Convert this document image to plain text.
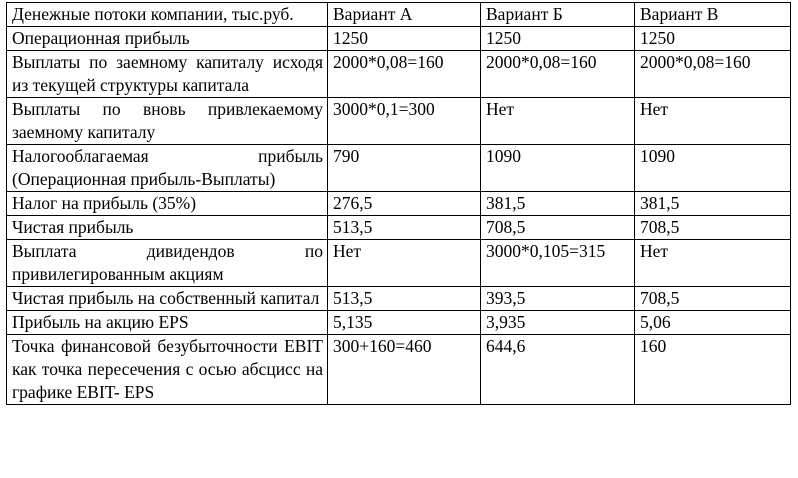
Денежные потоки компании, тыс.руб.	Вариант А	Вариант Б	Вариант В
Операционная прибыль	1250	1250	1250
Выплаты по заемному капиталу исходя из текущей структуры капитала	2000*0,08=160	2000*0,08=160	2000*0,08=160
Выплаты по вновь привлекаемому заемному капиталу	3000*0,1=300	Нет	Нет
Налогооблагаемая прибыль (Операционная прибыль-Выплаты)	790	1090	1090
Налог на прибыль (35%)	276,5	381,5	381,5
Чистая прибыль	513,5	708,5	708,5
Выплата дивидендов по привилегированным акциям	Нет	3000*0,105=315	Нет
Чистая прибыль на собственный капитал	513,5	393,5	708,5
Прибыль на акцию EPS	5,135	3,935	5,06
Точка финансовой безубыточности EBIT как точка пересечения с осью абсцисс на графике EBIT- EPS	300+160=460	644,6	160
